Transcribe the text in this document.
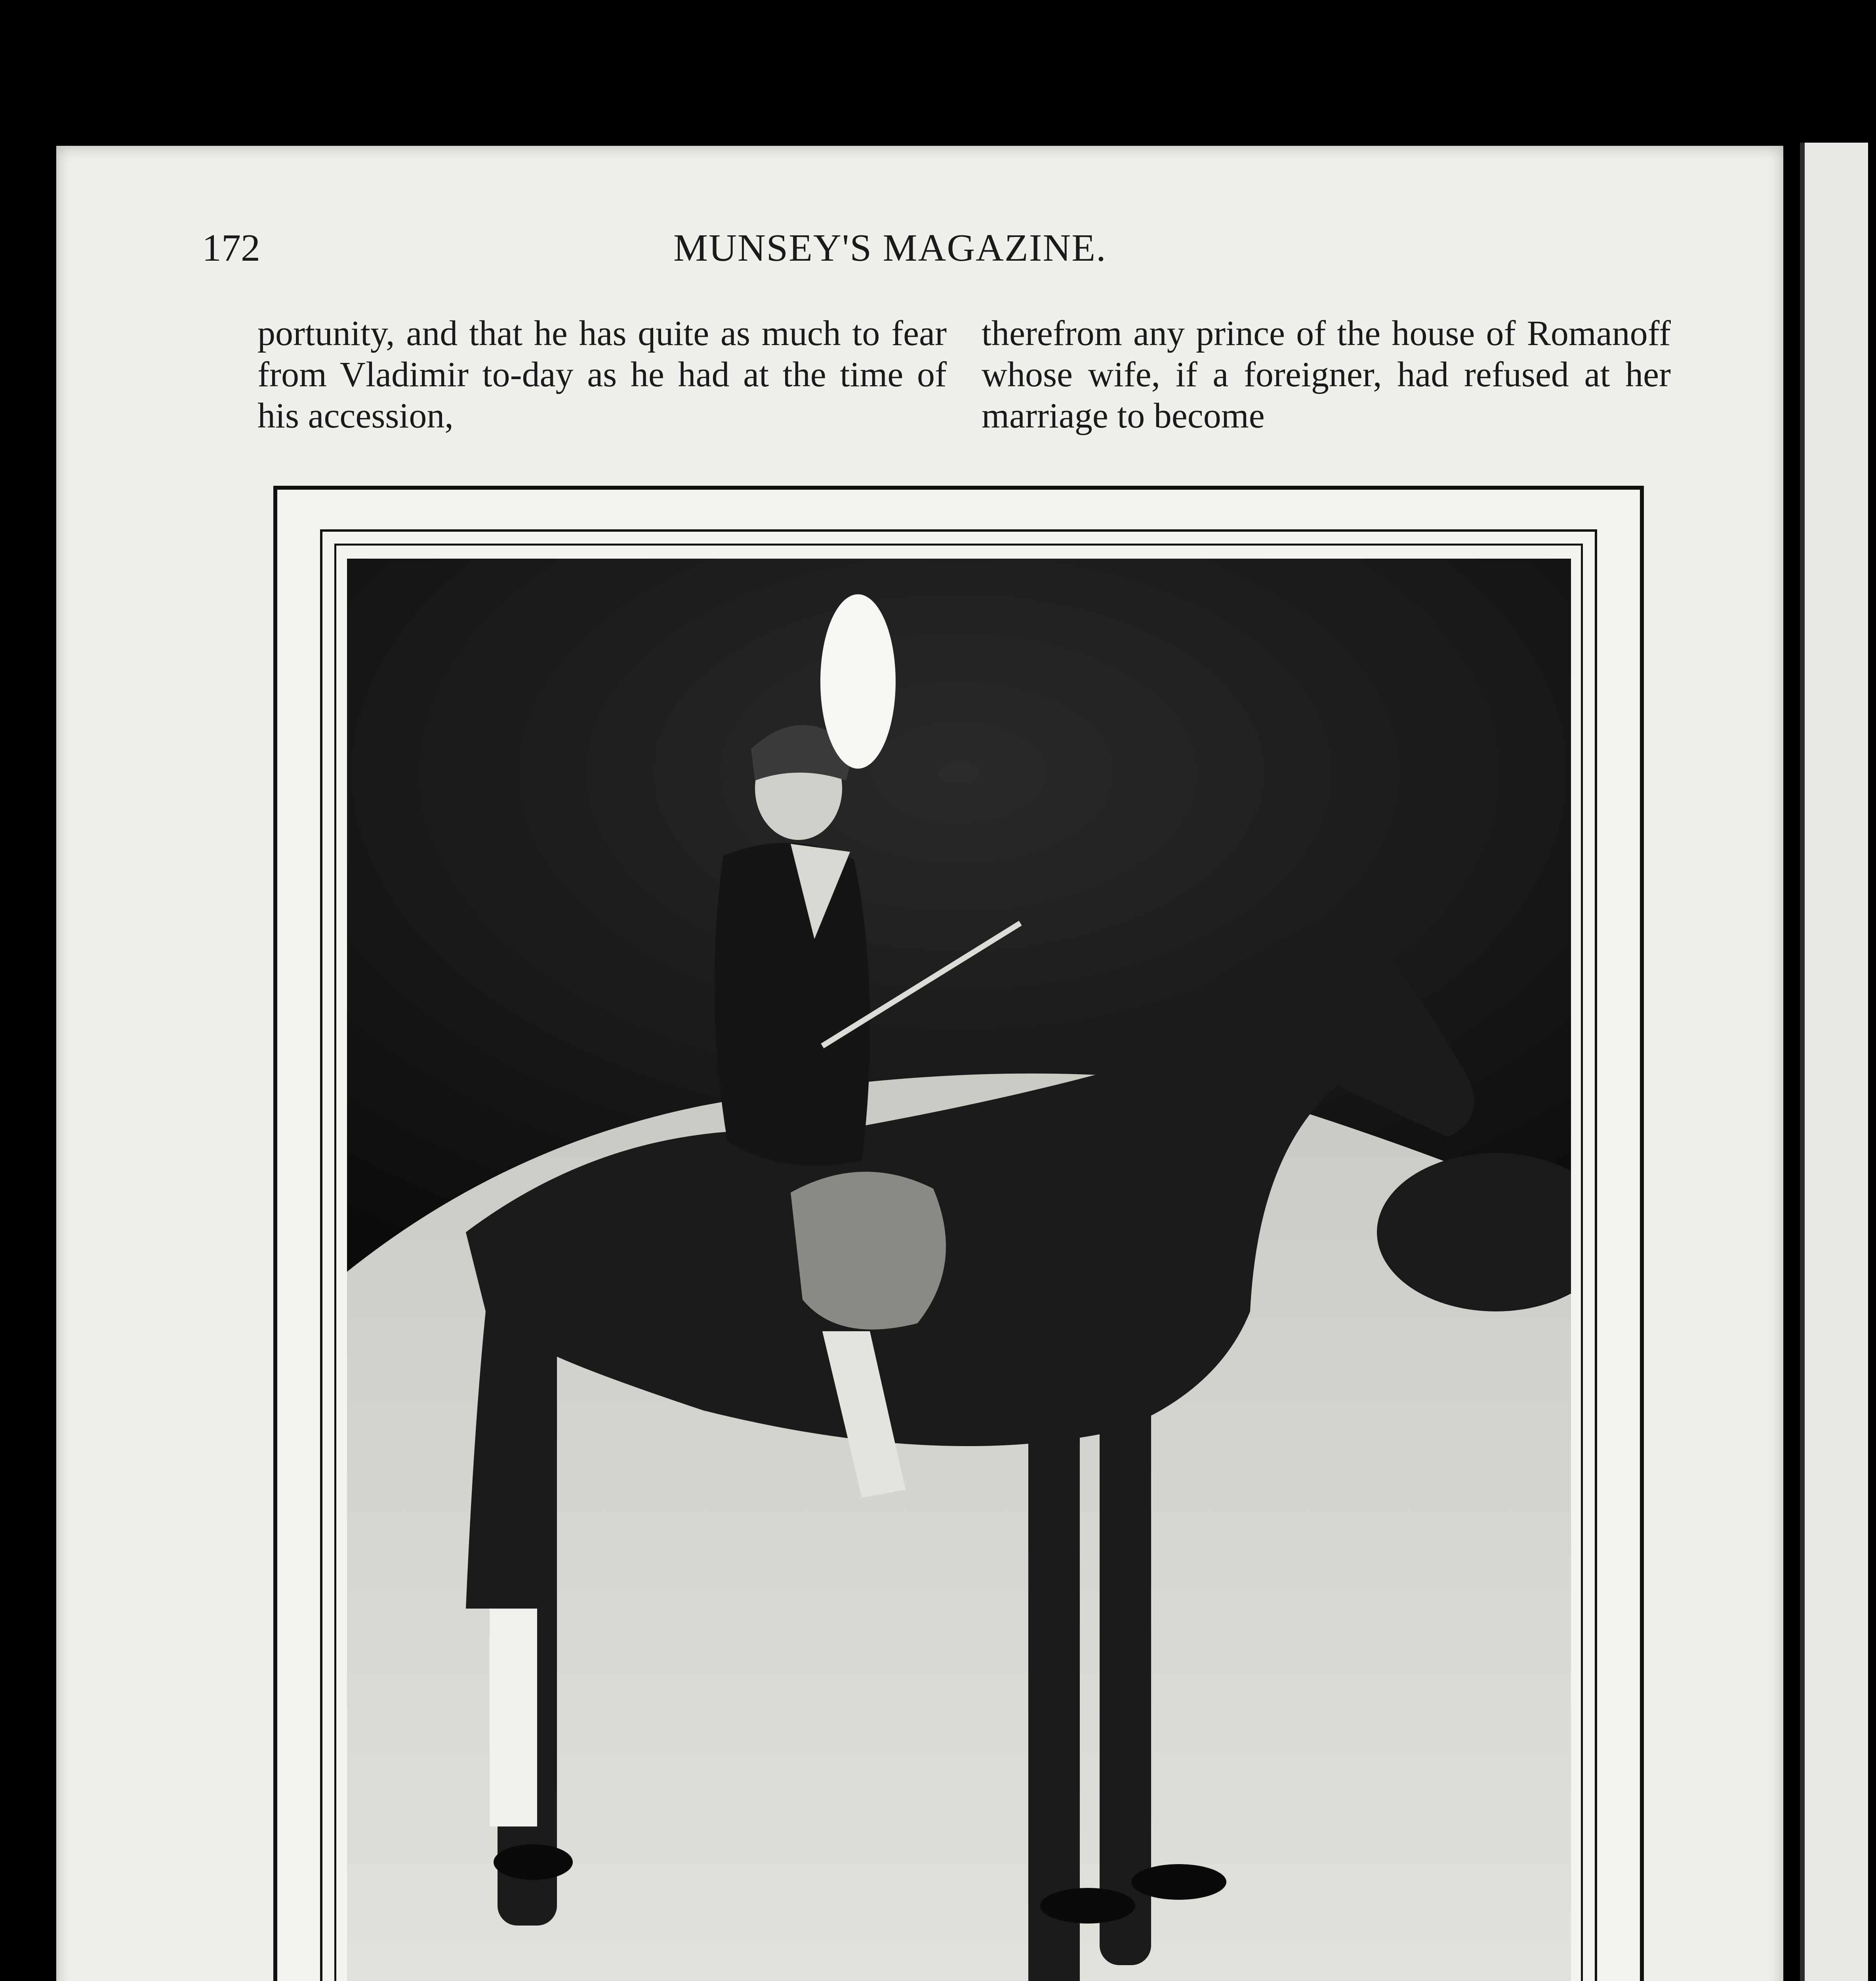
172	MUNSEY'S MAGAZINE.

portunity, and that he has quite as much to fear from Vladimir to-day as he had at the time of his accession,

therefrom any prince of the house of Romanoff whose wife, if a foreigner, had refused at her marriage to become
